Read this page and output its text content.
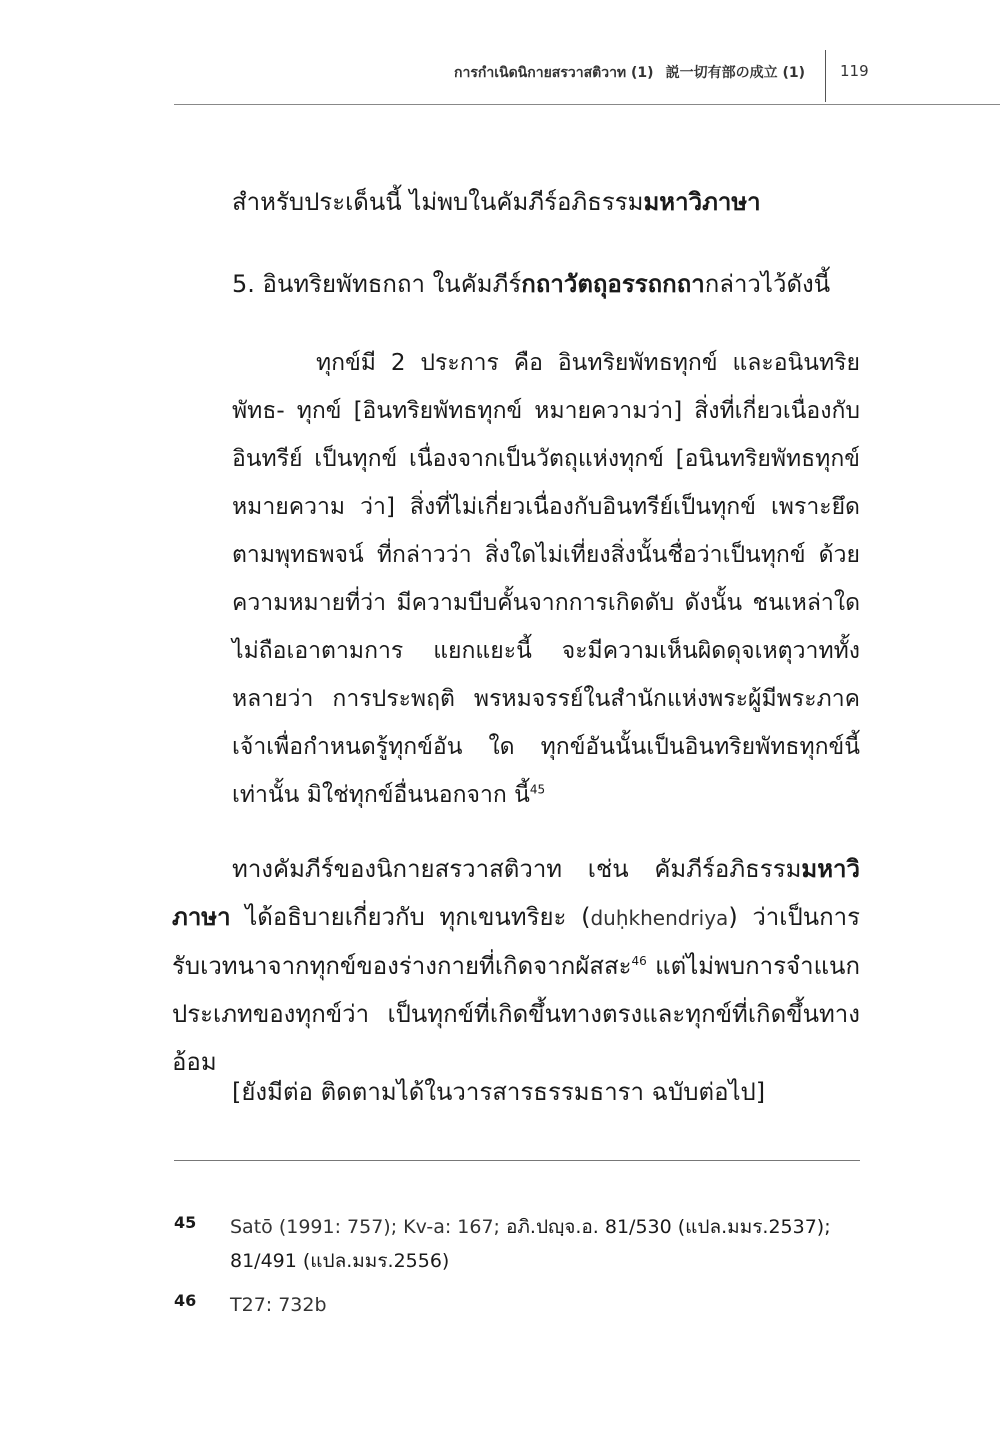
การกำเนิดนิกายสรวาสติวาท (1) 説一切有部の成立 (1) 119

สำหรับประเด็นนี้ ไม่พบในคัมภีร์อภิธรรมมหาวิภาษา

5. อินทริยพัทธกถา ในคัมภีร์กถาวัตถุอรรถกถากล่าวไว้ดังนี้

ทุกข์มี 2 ประการ คือ อินทริยพัทธทุกข์ และอนินทริยพัทธ- ทุกข์ [อินทริยพัทธทุกข์ หมายความว่า] สิ่งที่เกี่ยวเนื่องกับอินทรีย์ เป็นทุกข์ เนื่องจากเป็นวัตถุแห่งทุกข์ [อนินทริยพัทธทุกข์ หมายความ ว่า] สิ่งที่ไม่เกี่ยวเนื่องกับอินทรีย์เป็นทุกข์ เพราะยึดตามพุทธพจน์ ที่กล่าวว่า สิ่งใดไม่เที่ยงสิ่งนั้นชื่อว่าเป็นทุกข์ ด้วยความหมายที่ว่า มีความบีบคั้นจากการเกิดดับ ดังนั้น ชนเหล่าใดไม่ถือเอาตามการ แยกแยะนี้ จะมีความเห็นผิดดุจเหตุวาททั้งหลายว่า การประพฤติ พรหมจรรย์ในสำนักแห่งพระผู้มีพระภาคเจ้าเพื่อกำหนดรู้ทุกข์อัน ใด ทุกข์อันนั้นเป็นอินทริยพัทธทุกข์นี้เท่านั้น มิใช่ทุกข์อื่นนอกจาก นี้$^{45}$

ทางคัมภีร์ของนิกายสรวาสติวาท เช่น คัมภีร์อภิธรรมมหาวิภาษา ได้อธิบายเกี่ยวกับ ทุกเขนทริยะ (duḥkhendriya) ว่าเป็นการรับเวทนาจากทุกข์ของร่างกายที่เกิดจากผัสสะ$^{46}$ แต่ไม่พบการจำแนกประเภทของทุกข์ว่า เป็นทุกข์ที่เกิดขึ้นทางตรงและทุกข์ที่เกิดขึ้นทางอ้อม

[ยังมีต่อ ติดตามได้ในวารสารธรรมธารา ฉบับต่อไป]

45 Satō (1991: 757); Kv-a: 167; อภิ.ปญฺจ.อ. 81/530 (แปล.มมร.2537); 81/491 (แปล.มมร.2556)
46 T27: 732b
